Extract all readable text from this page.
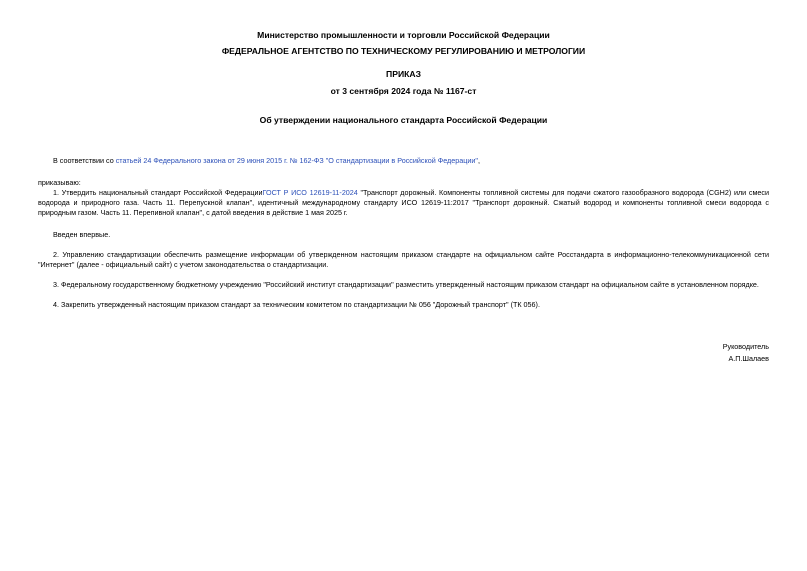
Министерство промышленности и торговли Российской Федерации
ФЕДЕРАЛЬНОЕ АГЕНТСТВО ПО ТЕХНИЧЕСКОМУ РЕГУЛИРОВАНИЮ И МЕТРОЛОГИИ
ПРИКАЗ
от 3 сентября 2024 года № 1167-ст
Об утверждении национального стандарта Российской Федерации
В соответствии со статьей 24 Федерального закона от 29 июня 2015 г. № 162-ФЗ "О стандартизации в Российской Федерации",
приказываю:
1. Утвердить национальный стандарт Российской ФедерацииГОСТ Р ИСО 12619-11-2024 "Транспорт дорожный. Компоненты топливной системы для подачи сжатого газообразного водорода (CGH2) или смеси водорода и природного газа. Часть 11. Перепускной клапан", идентичный международному стандарту ИСО 12619-11:2017 "Транспорт дорожный. Сжатый водород и компоненты топливной смеси водорода с природным газом. Часть 11. Перепивной клапан", с датой введения в действие 1 мая 2025 г.
Введен впервые.
2. Управлению стандартизации обеспечить размещение информации об утвержденном настоящим приказом стандарте на официальном сайте Росстандарта в информационно-телекоммуникационной сети "Интернет" (далее - официальный сайт) с учетом законодательства о стандартизации.
3. Федеральному государственному бюджетному учреждению "Российский институт стандартизации" разместить утвержденный настоящим приказом стандарт на официальном сайте в установленном порядке.
4. Закрепить утвержденный настоящим приказом стандарт за техническим комитетом по стандартизации № 056 "Дорожный транспорт" (ТК 056).
Руководитель
А.П.Шалаев
